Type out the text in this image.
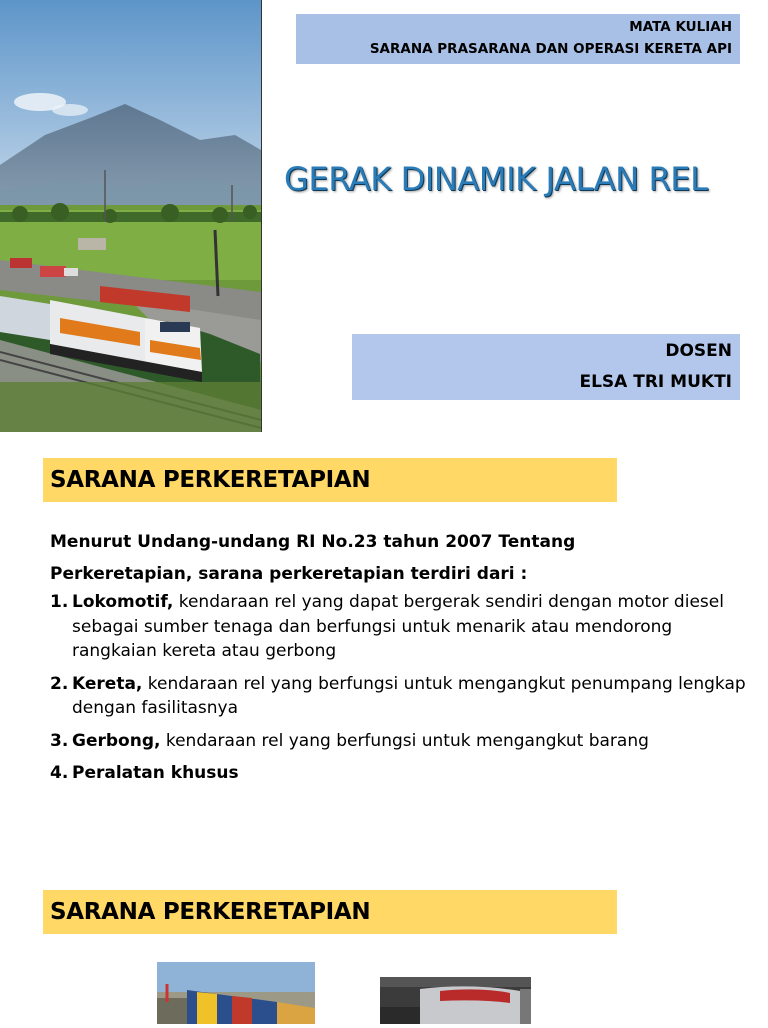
MATA KULIAH
SARANA PRASARANA DAN OPERASI KERETA API
GERAK DINAMIK JALAN REL
DOSEN
ELSA TRI MUKTI
SARANA PERKERETAPIAN
Menurut Undang-undang RI No.23 tahun 2007 Tentang
Perkeretapian, sarana perkeretapian terdiri dari :
1. Lokomotif, kendaraan rel yang dapat bergerak sendiri dengan motor diesel sebagai sumber tenaga dan berfungsi untuk menarik atau mendorong rangkaian kereta atau gerbong
2. Kereta, kendaraan rel yang berfungsi untuk mengangkut penumpang lengkap dengan fasilitasnya
3. Gerbong, kendaraan rel yang berfungsi untuk mengangkut barang
4. Peralatan khusus
SARANA PERKERETAPIAN
